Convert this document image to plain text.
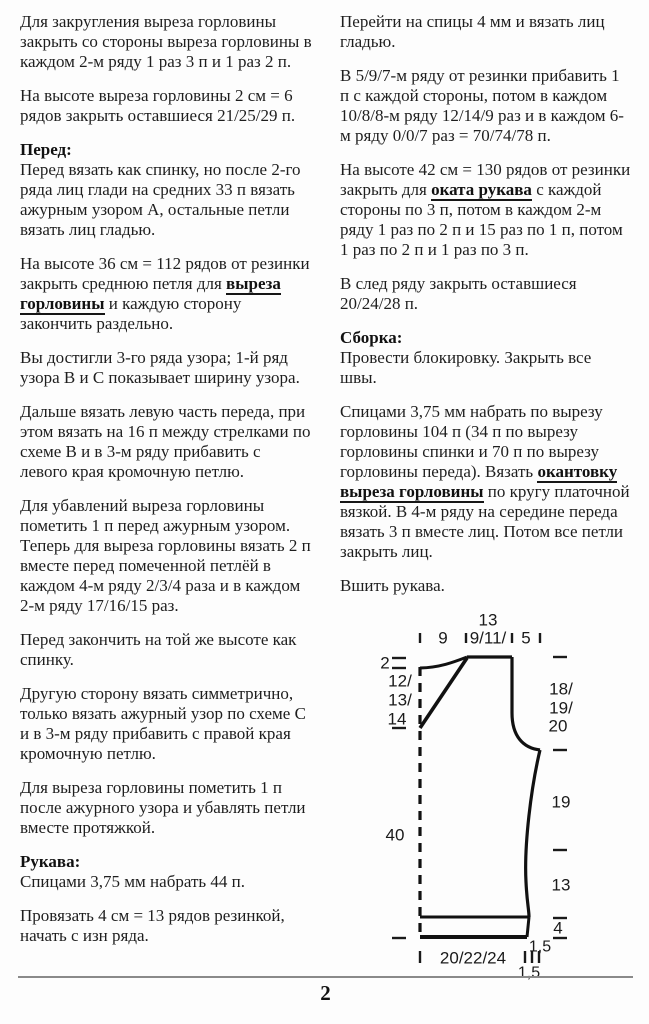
Для закругления выреза горловины закрыть со стороны выреза горловины в каждом 2-м ряду 1 раз 3 п и 1 раз 2 п.

На высоте выреза горловины 2 см = 6 рядов закрыть оставшиеся 21/25/29 п.

Перед:

Перед вязать как спинку, но после 2-го ряда лиц глади на средних 33 п вязать ажурным узором А, остальные петли вязать лиц гладью.

На высоте 36 см = 112 рядов от резинки закрыть среднюю петля для выреза горловины и каждую сторону закончить раздельно.

Вы достигли 3-го ряда узора; 1-й ряд узора B и C показывает ширину узора.

Дальше вязать левую часть переда, при этом вязать на 16 п между стрелками по схеме B и в 3-м ряду прибавить с левого края кромочную петлю.

Для убавлений выреза горловины пометить 1 п перед ажурным узором. Теперь для выреза горловины вязать 2 п вместе перед помеченной петлёй в каждом 4-м ряду 2/3/4 раза и в каждом 2-м ряду 17/16/15 раз.

Перед закончить на той же высоте как спинку.

Другую сторону вязать симметрично, только вязать ажурный узор по схеме C и в 3-м ряду прибавить с правой края кромочную петлю.

Для выреза горловины пометить 1 п после ажурного узора и убавлять петли вместе протяжкой.

Рукава:

Спицами 3,75 мм набрать 44 п.

Провязать 4 см = 13 рядов резинкой, начать с изн ряда.

Перейти на спицы 4 мм и вязать лиц гладью.

В 5/9/7-м ряду от резинки прибавить 1 п с каждой стороны, потом в каждом 10/8/8-м ряду 12/14/9 раз и в каждом 6-м ряду 0/0/7 раз = 70/74/78 п.

На высоте 42 см = 130 рядов от резинки закрыть для оката рукава с каждой стороны по 3 п, потом в каждом 2-м ряду 1 раз по 2 п и 15 раз по 1 п, потом 1 раз по 2 п и 1 раз по 3 п.

В след ряду закрыть оставшиеся 20/24/28 п.

Сборка:

Провести блокировку. Закрыть все швы.

Спицами 3,75 мм набрать по вырезу горловины 104 п (34 п по вырезу горловины спинки и 70 п по вырезу горловины переда). Вязать окантовку выреза горловины по кругу платочной вязкой. В 4-м ряду на середине переда вязать 3 п вместе лиц. Потом все петли закрыть лиц.

Вшить рукава.

13
9 9/11/ 5
2
12/
13/
14
40
18/
19/
20
19
13
4
1,5
1,5
20/22/24
2
